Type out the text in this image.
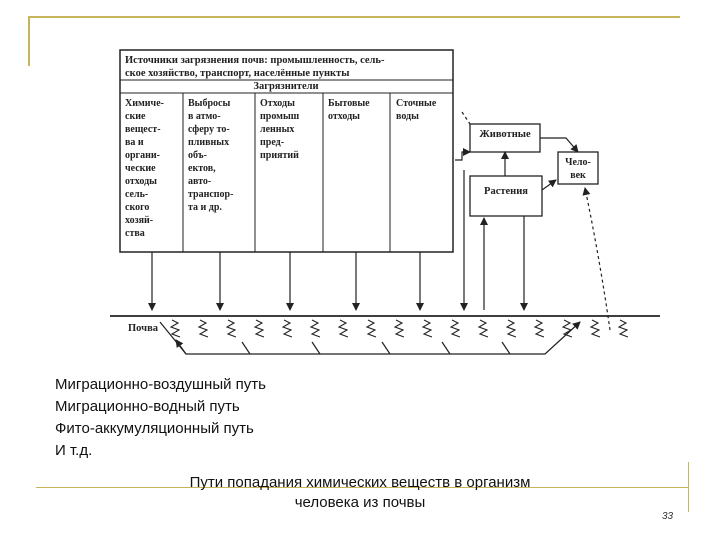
Источники загрязнения почв: промышленность, сель-
ское хозяйство, транспорт, населённые пункты
Загрязнители
Химиче-
ские
вещест-
ва и
органи-
ческие
отходы
сель-
ского
хозяй-
ства
Выбросы
в атмо-
сферу то-
пливных
объ-
ектов,
авто-
транспор-
та и др.
Отходы
промыш
ленных
пред-
приятий
Бытовые
отходы
Сточные
воды
Животные
Растения
Чело-
век
Почва
Миграционно-воздушный путь
Миграционно-водный путь
Фито-аккумуляционный путь
И т.д.
Пути попадания химических веществ в организм
человека из почвы
33
